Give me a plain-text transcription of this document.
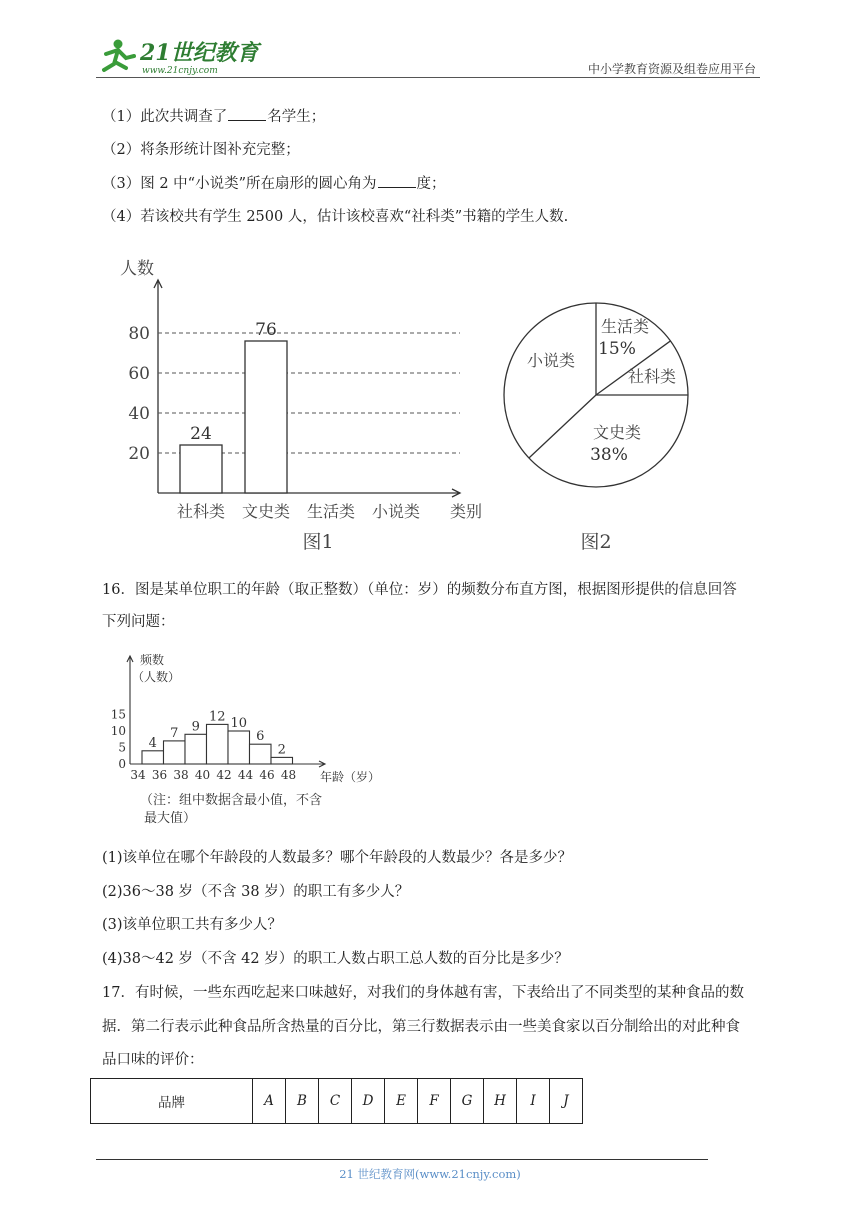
21世纪教育
www.21cnjy.com	中小学教育资源及组卷应用平台
（1）此次共调查了	名学生；
（2）将条形统计图补充完整；
（3）图 2 中“小说类”所在扇形的圆心角为	度；
（4）若该校共有学生 2500 人，估计该校喜欢“社科类”书籍的学生人数.
人数
20
40
60
80
社科类
24
文史类
76
生活类 小说类 类别
图1
生活类
15%
社科类
文史类
38%
小说类
图2
16．图是某单位职工的年龄（取正整数）（单位：岁）的频数分布直方图，根据图形提供的信息回答
下列问题：
频数
（人数）
0
5
10
15
4
7 9
12 10
6
2
34 36 38 40 42 44 46 48 年龄（岁）
（注：组中数据含最小值，不含
最大值）
(1)该单位在哪个年龄段的人数最多？哪个年龄段的人数最少？各是多少？
(2)36～38 岁（不含 38 岁）的职工有多少人？
(3)该单位职工共有多少人？
(4)38～42 岁（不含 42 岁）的职工人数占职工总人数的百分比是多少？
17．有时候，一些东西吃起来口味越好，对我们的身体越有害，下表给出了不同类型的某种食品的数
据．第二行表示此种食品所含热量的百分比，第三行数据表示由一些美食家以百分制给出的对此种食
品口味的评价：
品牌	A	B	C	D	E	F	G	H	I	J
21 世纪教育网(www.21cnjy.com)
